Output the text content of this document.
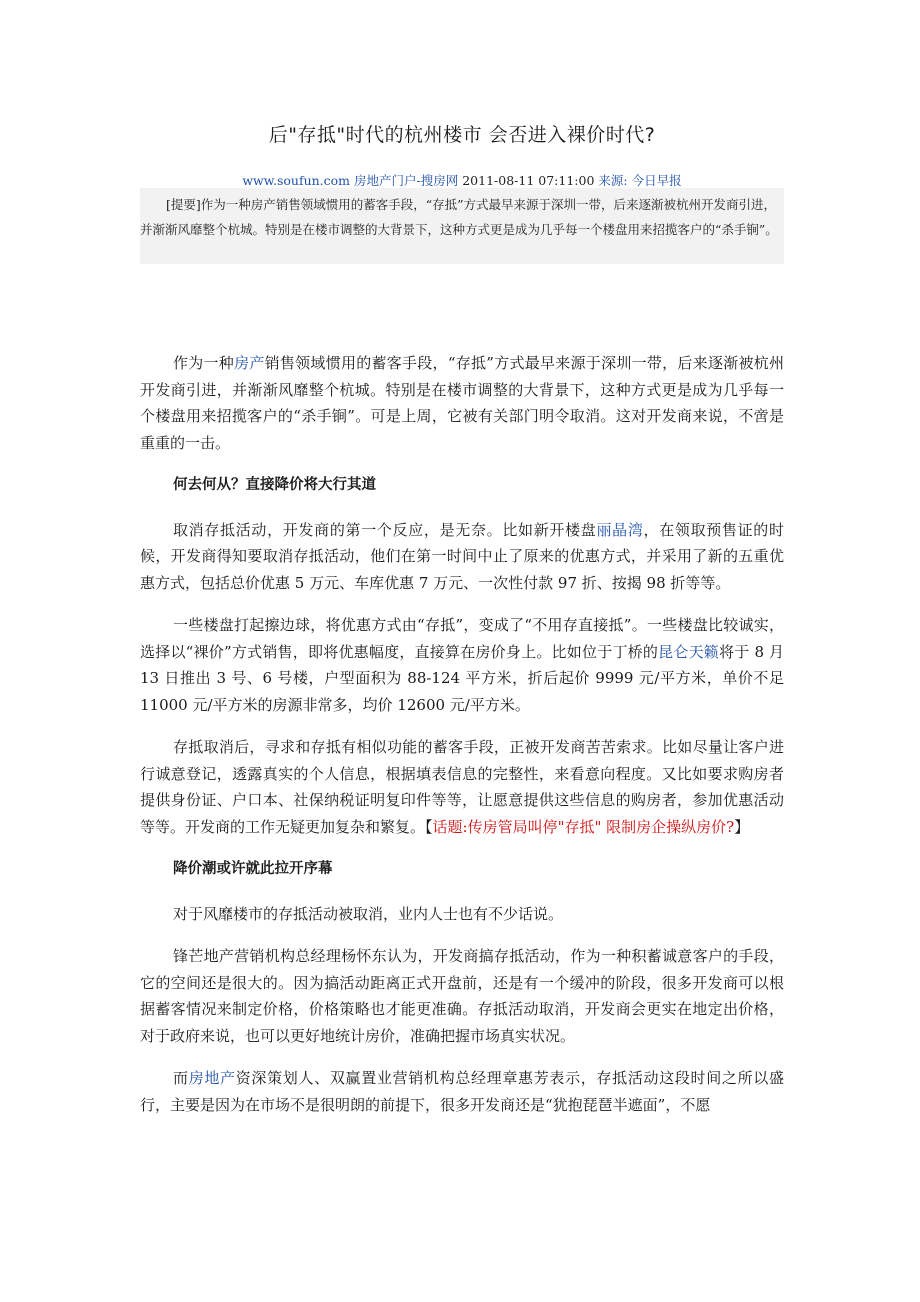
后"存抵"时代的杭州楼市 会否进入裸价时代?
www.soufun.com 房地产门户-搜房网 2011-08-11 07:11:00 来源: 今日早报
[提要]作为一种房产销售领域惯用的蓄客手段，“存抵”方式最早来源于深圳一带，后来逐渐被杭州开发商引进，并渐渐风靡整个杭城。特别是在楼市调整的大背景下，这种方式更是成为几乎每一个楼盘用来招揽客户的“杀手锏”。

作为一种房产销售领域惯用的蓄客手段，“存抵”方式最早来源于深圳一带，后来逐渐被杭州开发商引进，并渐渐风靡整个杭城。特别是在楼市调整的大背景下，这种方式更是成为几乎每一个楼盘用来招揽客户的“杀手锏”。可是上周，它被有关部门明令取消。这对开发商来说，不啻是重重的一击。

何去何从？直接降价将大行其道

取消存抵活动，开发商的第一个反应，是无奈。比如新开楼盘丽晶湾，在领取预售证的时候，开发商得知要取消存抵活动，他们在第一时间中止了原来的优惠方式，并采用了新的五重优惠方式，包括总价优惠 5 万元、车库优惠 7 万元、一次性付款 97 折、按揭 98 折等等。

一些楼盘打起擦边球，将优惠方式由“存抵”，变成了“不用存直接抵”。一些楼盘比较诚实，选择以“裸价”方式销售，即将优惠幅度，直接算在房价身上。比如位于丁桥的昆仑天籁将于 8 月 13 日推出 3 号、6 号楼，户型面积为 88-124 平方米，折后起价 9999 元/平方米，单价不足 11000 元/平方米的房源非常多，均价 12600 元/平方米。

存抵取消后，寻求和存抵有相似功能的蓄客手段，正被开发商苦苦索求。比如尽量让客户进行诚意登记，透露真实的个人信息，根据填表信息的完整性，来看意向程度。又比如要求购房者提供身份证、户口本、社保纳税证明复印件等等，让愿意提供这些信息的购房者，参加优惠活动等等。开发商的工作无疑更加复杂和繁复。【话题:传房管局叫停"存抵" 限制房企操纵房价?】

降价潮或许就此拉开序幕

对于风靡楼市的存抵活动被取消，业内人士也有不少话说。

锋芒地产营销机构总经理杨怀东认为，开发商搞存抵活动，作为一种积蓄诚意客户的手段，它的空间还是很大的。因为搞活动距离正式开盘前，还是有一个缓冲的阶段，很多开发商可以根据蓄客情况来制定价格，价格策略也才能更准确。存抵活动取消，开发商会更实在地定出价格，对于政府来说，也可以更好地统计房价，准确把握市场真实状况。

而房地产资深策划人、双赢置业营销机构总经理章惠芳表示，存抵活动这段时间之所以盛行，主要是因为在市场不是很明朗的前提下，很多开发商还是“犹抱琵琶半遮面”，不愿
